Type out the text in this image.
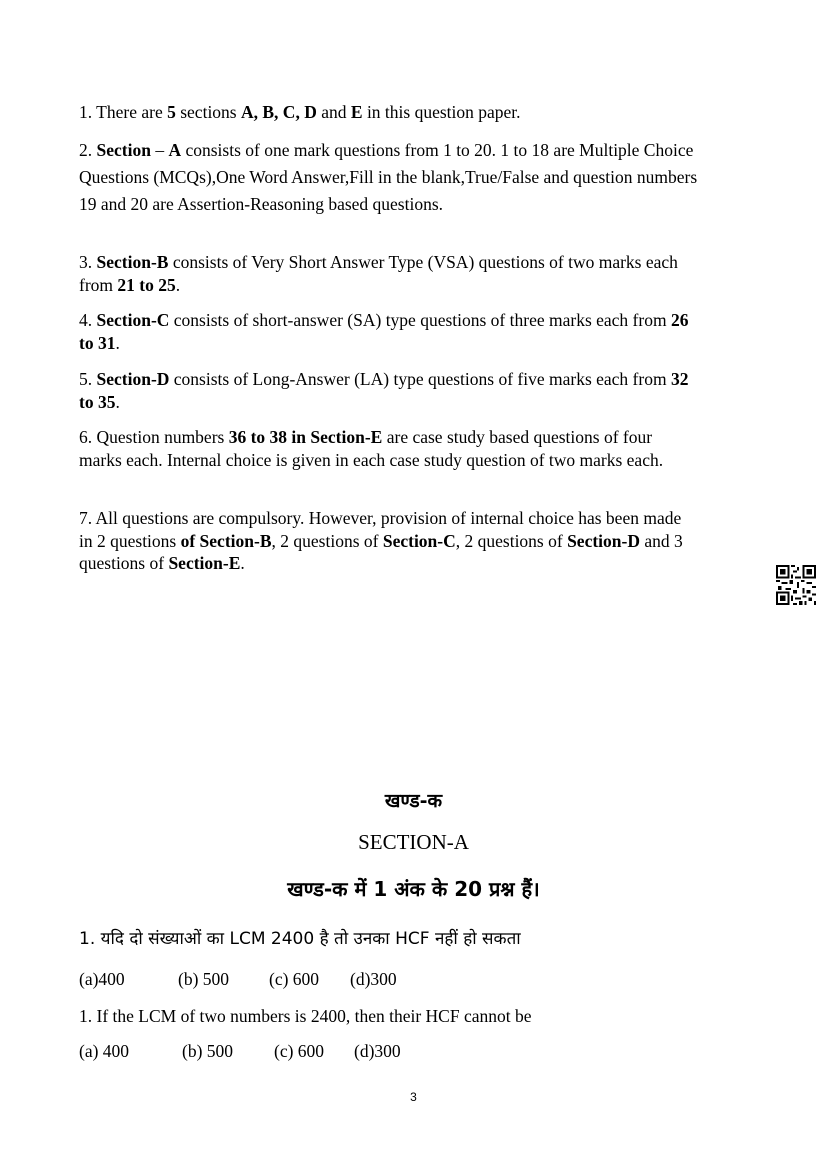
1. There are 5 sections A, B, C, D and E in this question paper.
2. Section – A consists of one mark questions from 1 to 20. 1 to 18 are Multiple Choice Questions (MCQs),One Word Answer,Fill in the blank,True/False and question numbers 19 and 20 are Assertion-Reasoning based questions.
3. Section-B consists of Very Short Answer Type (VSA) questions of two marks each from 21 to 25.
4. Section-C consists of short-answer (SA) type questions of three marks each from 26 to 31.
5. Section-D consists of Long-Answer (LA) type questions of five marks each from 32 to 35.
6. Question numbers 36 to 38 in Section-E are case study based questions of four marks each. Internal choice is given in each case study question of two marks each.
7. All questions are compulsory. However, provision of internal choice has been made in 2 questions of Section-B, 2 questions of Section-C, 2 questions of Section-D and 3 questions of Section-E.
खण्ड-क
SECTION-A
खण्ड-क में 1 अंक के 20 प्रश्न हैं।
1. यदि दो संख्याओं का LCM 2400 है तो उनका HCF नहीं हो सकता
(a)400	(b) 500 (c) 600 (d)300
1. If the LCM of two numbers is 2400, then their HCF cannot be
(a) 400	(b) 500 (c) 600 (d)300
3
